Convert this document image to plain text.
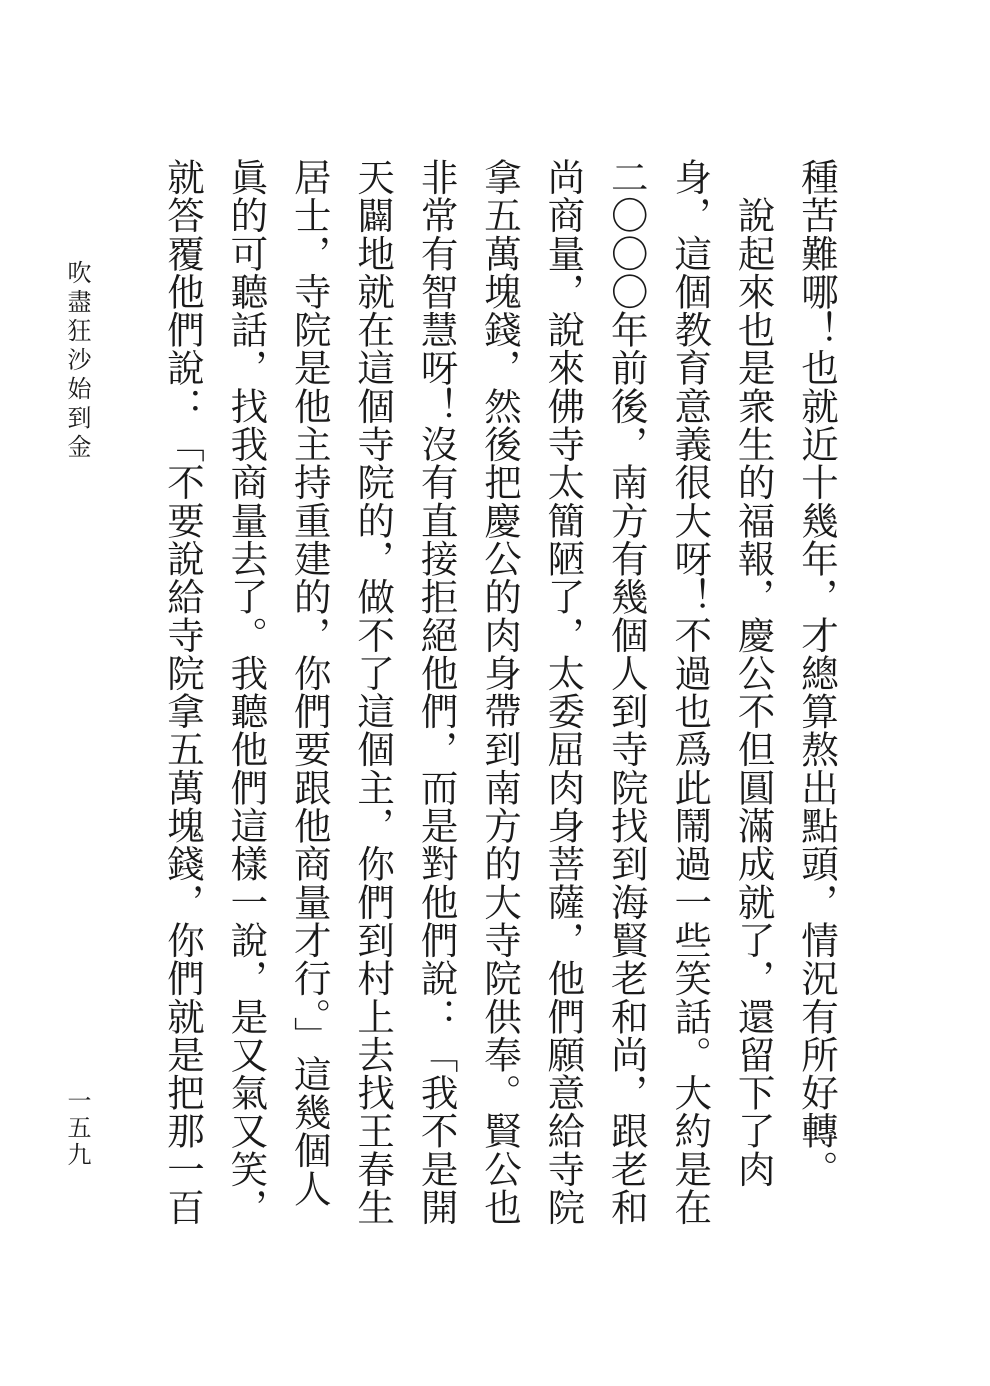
種苦難哪！也就近十幾年，才總算熬出點頭，情況有所好轉。
　說起來也是衆生的福報，慶公不但圓滿成就了，還留下了肉
身，這個教育意義很大呀！不過也爲此鬧過一些笑話。大約是在
二〇〇〇年前後，南方有幾個人到寺院找到海賢老和尚，跟老和
尚商量，說來佛寺太簡陋了，太委屈肉身菩薩，他們願意給寺院
拿五萬塊錢，然後把慶公的肉身帶到南方的大寺院供奉。賢公也
非常有智慧呀！沒有直接拒絕他們，而是對他們說：「我不是開
天闢地就在這個寺院的，做不了這個主，你們到村上去找王春生
居士，寺院是他主持重建的，你們要跟他商量才行。」這幾個人
眞的可聽話，找我商量去了。我聽他們這樣一說，是又氣又笑，
就答覆他們說：「不要說給寺院拿五萬塊錢，你們就是把那一百
吹盡狂沙始到金
一五九
